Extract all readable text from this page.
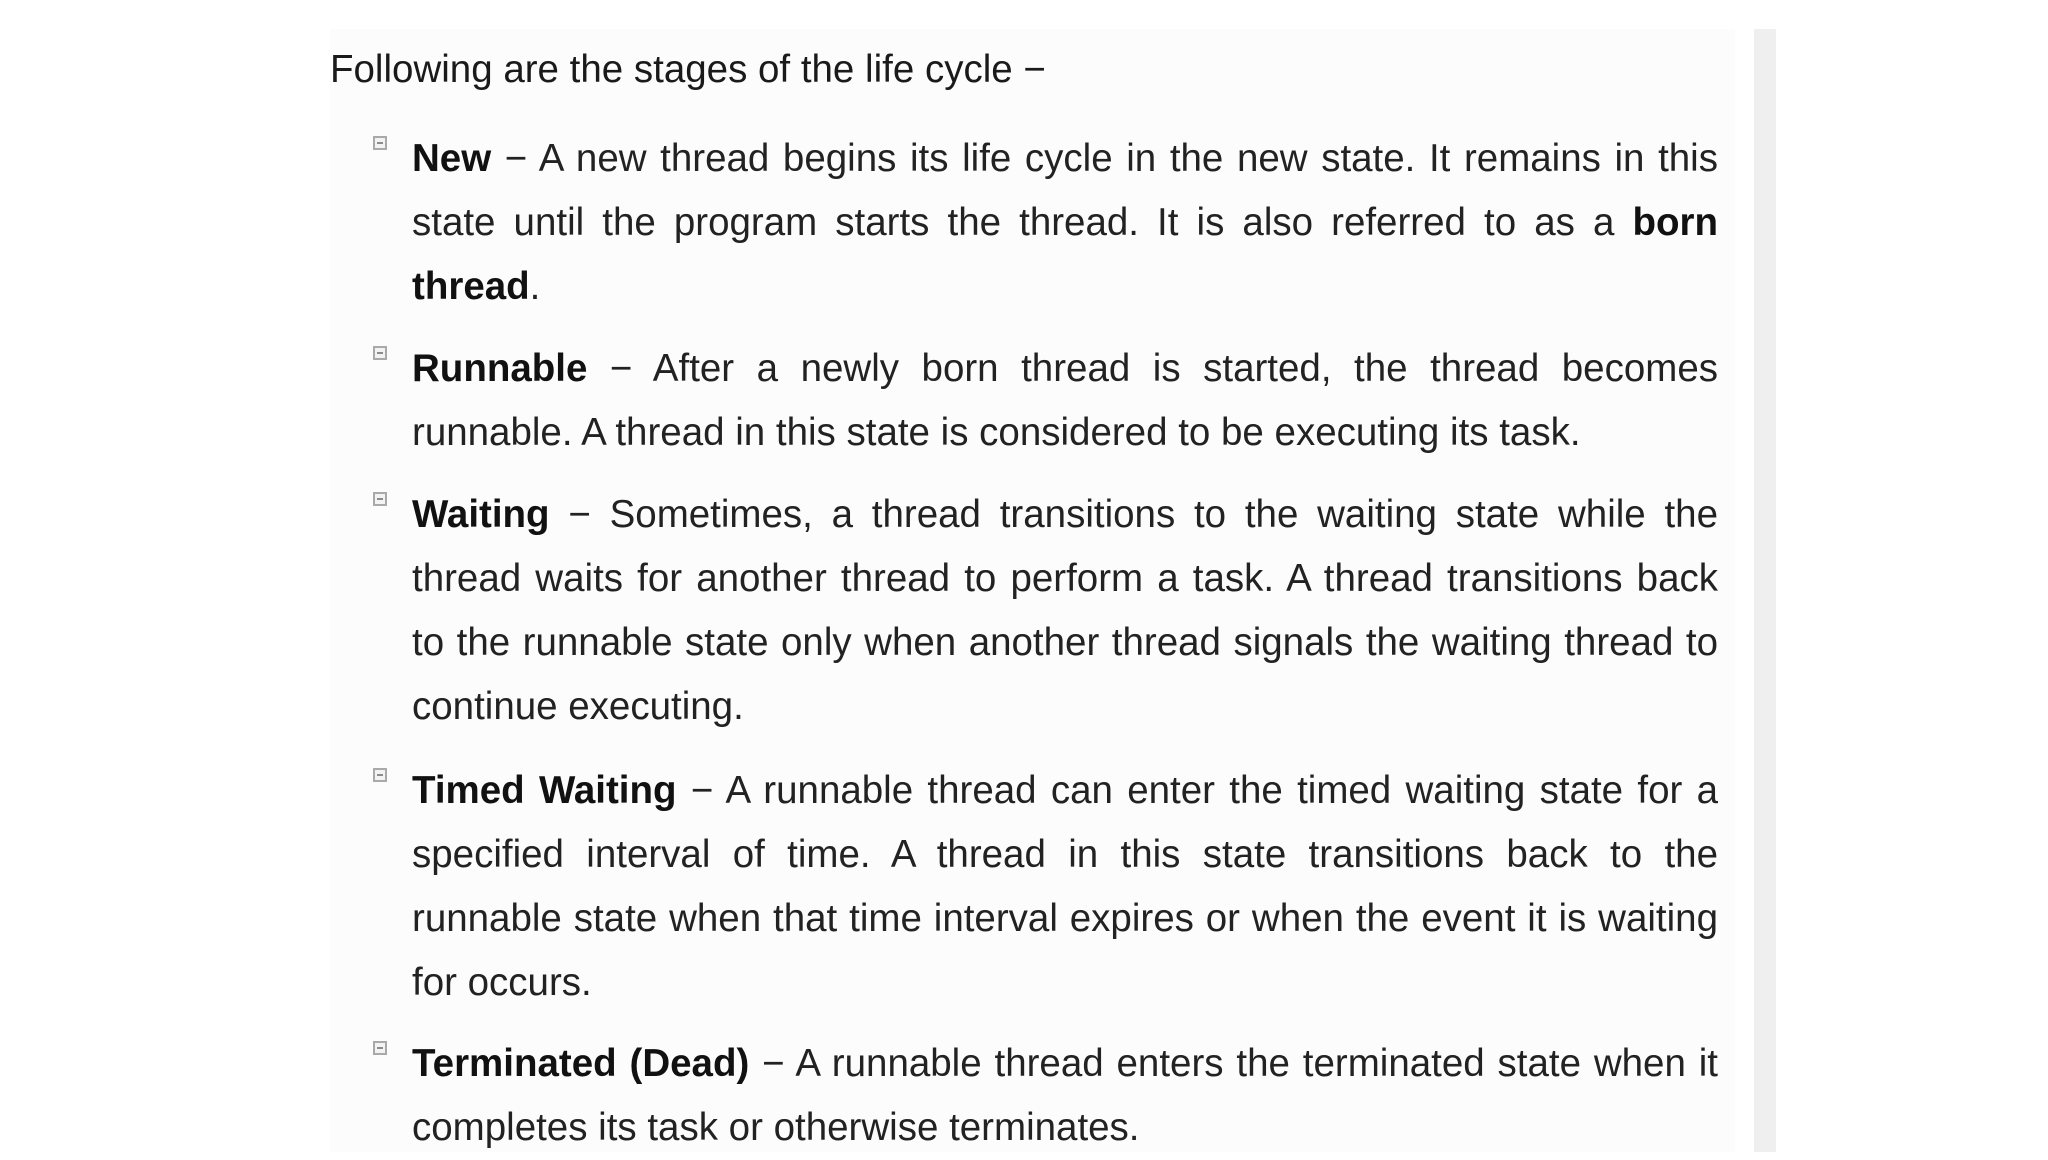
Following are the stages of the life cycle −

New − A new thread begins its life cycle in the new state. It remains in this state until the program starts the thread. It is also referred to as a born thread.

Runnable − After a newly born thread is started, the thread becomes runnable. A thread in this state is considered to be executing its task.

Waiting − Sometimes, a thread transitions to the waiting state while the thread waits for another thread to perform a task. A thread transitions back to the runnable state only when another thread signals the waiting thread to continue executing.

Timed Waiting − A runnable thread can enter the timed waiting state for a specified interval of time. A thread in this state transitions back to the runnable state when that time interval expires or when the event it is waiting for occurs.

Terminated (Dead) − A runnable thread enters the terminated state when it completes its task or otherwise terminates.
